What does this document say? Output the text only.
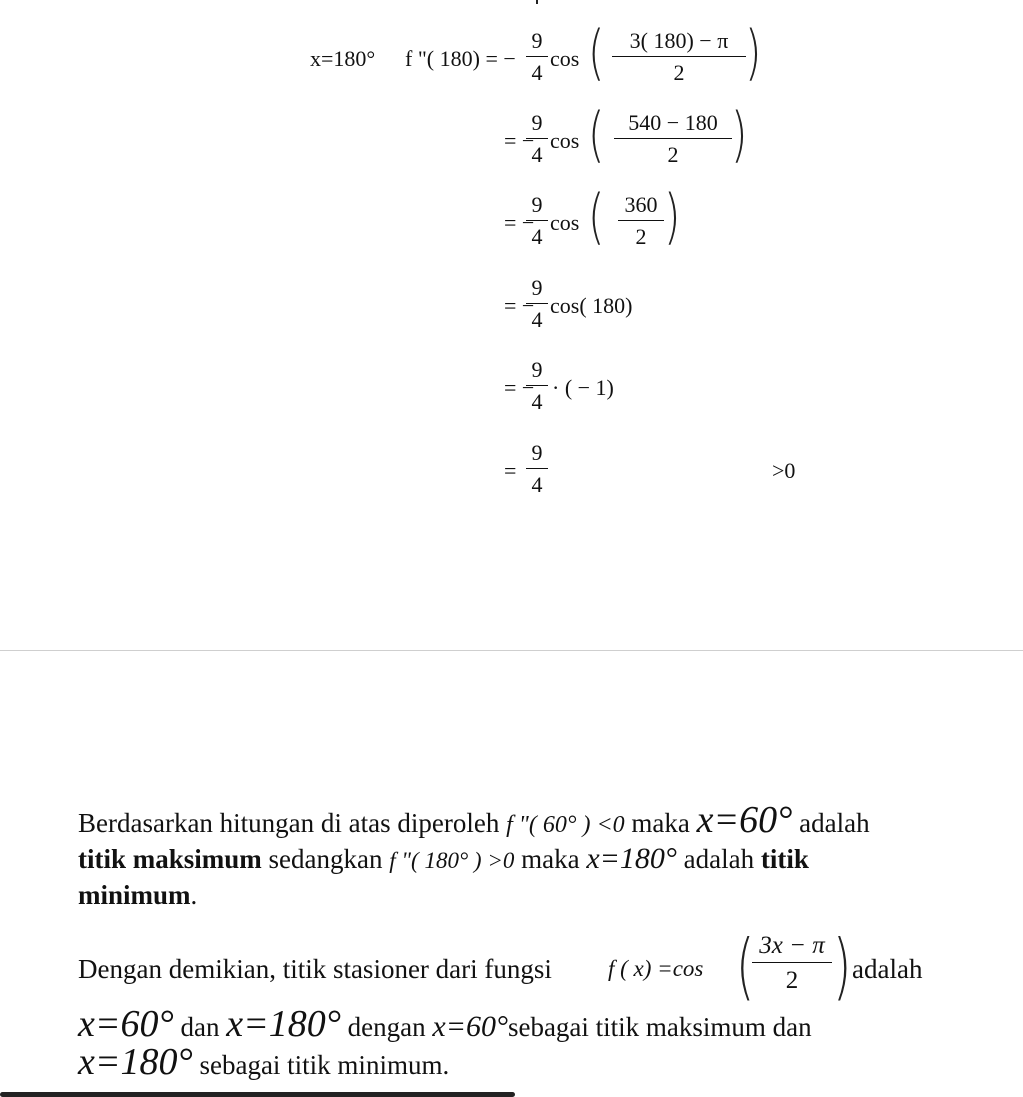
x=180° f "( 180) = −
9
4
cos (	3( 180) − π
2	)
= −
9
4
cos (	540 − 180
2 )
= −
9
4
cos ( 360
2 )
= −
9
4
cos( 180)
= −
9
4
· ( − 1)
=
9
4
>0
Berdasarkan hitungan di atas diperoleh f "( 60° ) <0 maka x=60° adalah
titik maksimum sedangkan f "( 180° ) >0 maka x=180° adalah titik
minimum.
Dengan demikian, titik stasioner dari fungsi f ( x) =cos ( 3x − π
2 ) adalah
x=60° dan x=180° dengan x=60°sebagai titik maksimum dan
x=180° sebagai titik minimum.
